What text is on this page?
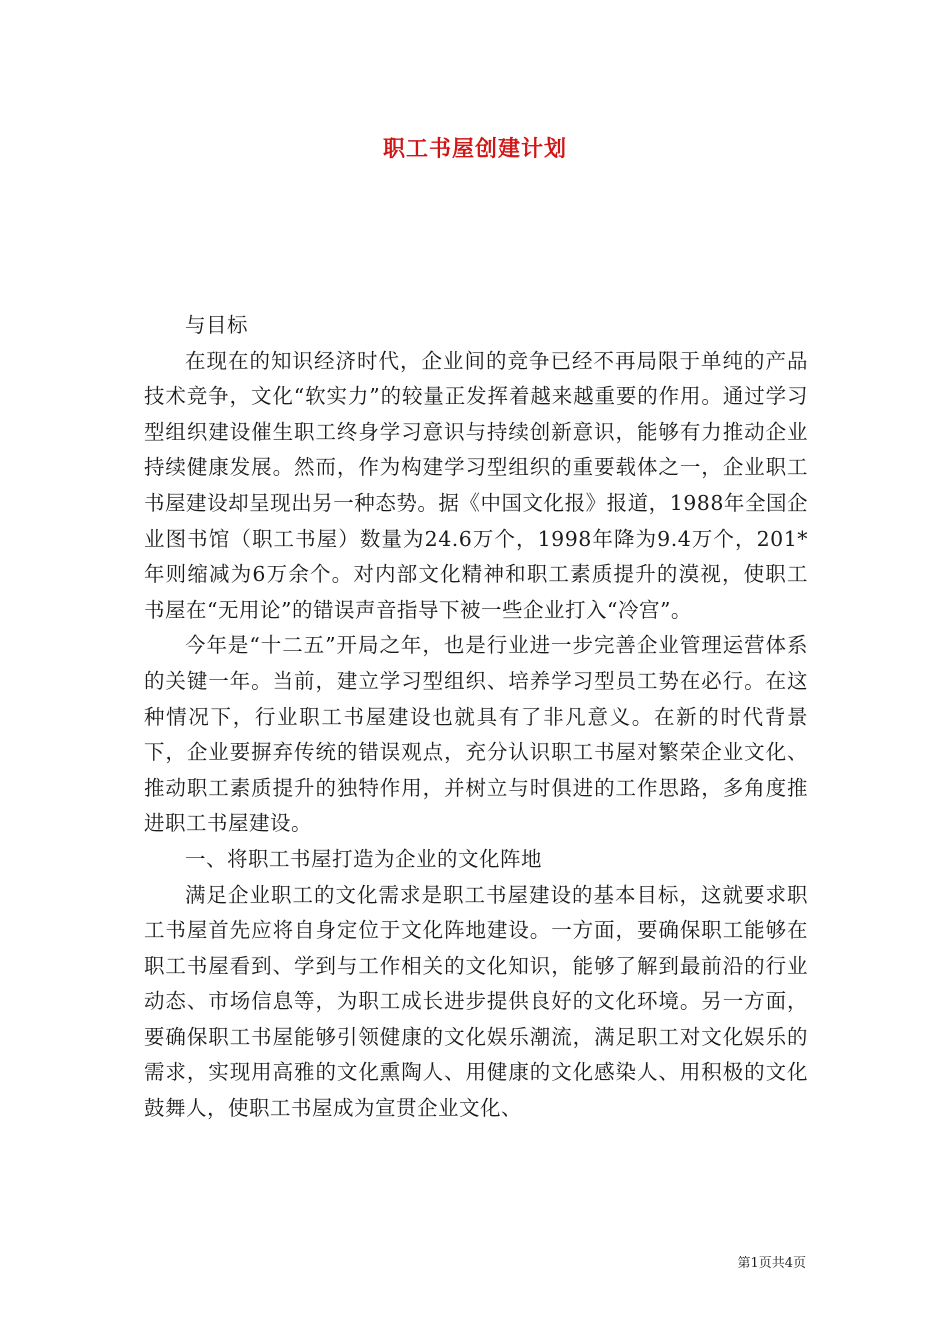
职工书屋创建计划

与目标

在现在的知识经济时代，企业间的竞争已经不再局限于单纯的产品技术竞争，文化“软实力”的较量正发挥着越来越重要的作用。通过学习型组织建设催生职工终身学习意识与持续创新意识，能够有力推动企业持续健康发展。然而，作为构建学习型组织的重要载体之一，企业职工书屋建设却呈现出另一种态势。据《中国文化报》报道，1988年全国企业图书馆（职工书屋）数量为24.6万个，1998年降为9.4万个，201*年则缩减为6万余个。对内部文化精神和职工素质提升的漠视，使职工书屋在“无用论”的错误声音指导下被一些企业打入“冷宫”。

今年是“十二五”开局之年，也是行业进一步完善企业管理运营体系的关键一年。当前，建立学习型组织、培养学习型员工势在必行。在这种情况下，行业职工书屋建设也就具有了非凡意义。在新的时代背景下，企业要摒弃传统的错误观点，充分认识职工书屋对繁荣企业文化、推动职工素质提升的独特作用，并树立与时俱进的工作思路，多角度推进职工书屋建设。

一、将职工书屋打造为企业的文化阵地

满足企业职工的文化需求是职工书屋建设的基本目标，这就要求职工书屋首先应将自身定位于文化阵地建设。一方面，要确保职工能够在职工书屋看到、学到与工作相关的文化知识，能够了解到最前沿的行业动态、市场信息等，为职工成长进步提供良好的文化环境。另一方面，要确保职工书屋能够引领健康的文化娱乐潮流，满足职工对文化娱乐的需求，实现用高雅的文化熏陶人、用健康的文化感染人、用积极的文化鼓舞人，使职工书屋成为宣贯企业文化、

第1页共4页
